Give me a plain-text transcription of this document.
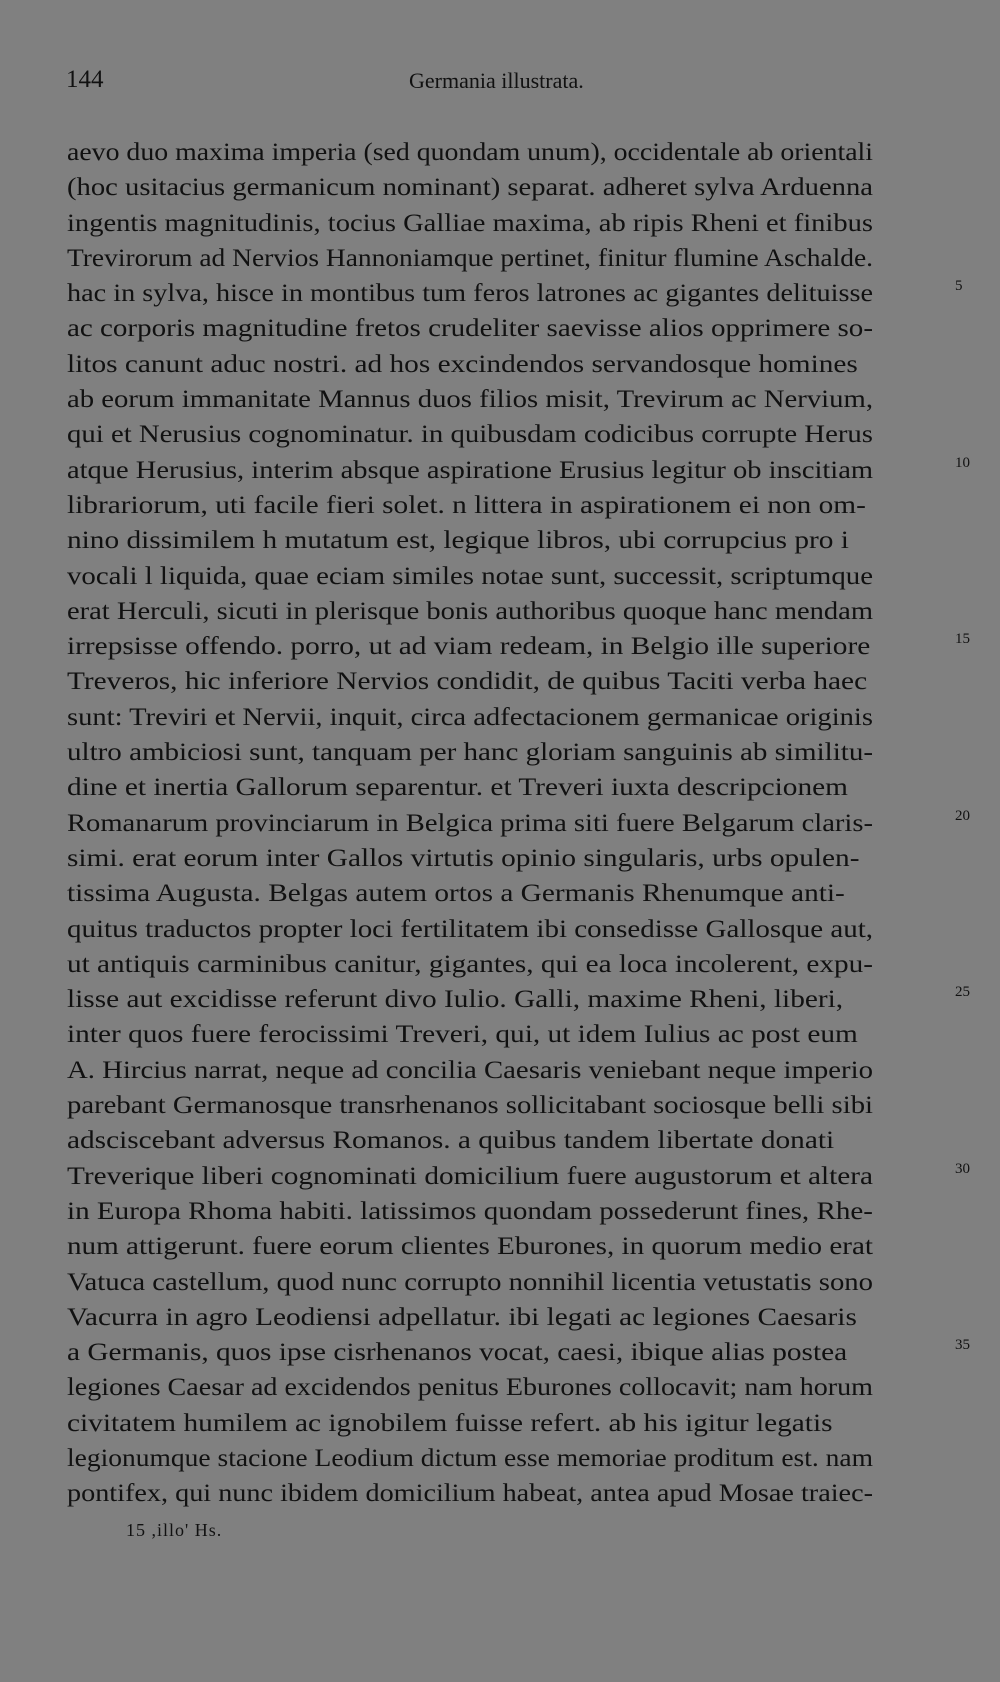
144	Germania illustrata.
aevo duo maxima imperia (sed quondam unum), occidentale ab orientali
(hoc usitacius germanicum nominant) separat. adheret sylva Arduenna
ingentis magnitudinis, tocius Galliae maxima, ab ripis Rheni et finibus
Trevirorum ad Nervios Hannoniamque pertinet, finitur flumine Aschalde.
hac in sylva, hisce in montibus tum feros latrones ac gigantes delituisse	5
ac corporis magnitudine fretos crudeliter saevisse alios opprimere so-
litos canunt aduc nostri. ad hos excindendos servandosque homines
ab eorum immanitate Mannus duos filios misit, Trevirum ac Nervium,
qui et Nerusius cognominatur. in quibusdam codicibus corrupte Herus
atque Herusius, interim absque aspiratione Erusius legitur ob inscitiam	10
librariorum, uti facile fieri solet. n littera in aspirationem ei non om-
nino dissimilem h mutatum est, legique libros, ubi corrupcius pro i
vocali l liquida, quae eciam similes notae sunt, successit, scriptumque
erat Herculi, sicuti in plerisque bonis authoribus quoque hanc mendam
irrepsisse offendo. porro, ut ad viam redeam, in Belgio ille superiore	15
Treveros, hic inferiore Nervios condidit, de quibus Taciti verba haec
sunt: Treviri et Nervii, inquit, circa adfectacionem germanicae originis
ultro ambiciosi sunt, tanquam per hanc gloriam sanguinis ab similitu-
dine et inertia Gallorum separentur. et Treveri iuxta descripcionem
Romanarum provinciarum in Belgica prima siti fuere Belgarum claris-	20
simi. erat eorum inter Gallos virtutis opinio singularis, urbs opulen-
tissima Augusta. Belgas autem ortos a Germanis Rhenumque anti-
quitus traductos propter loci fertilitatem ibi consedisse Gallosque aut,
ut antiquis carminibus canitur, gigantes, qui ea loca incolerent, expu-
lisse aut excidisse referunt divo Iulio. Galli, maxime Rheni, liberi,	25
inter quos fuere ferocissimi Treveri, qui, ut idem Iulius ac post eum
A. Hircius narrat, neque ad concilia Caesaris veniebant neque imperio
parebant Germanosque transrhenanos sollicitabant sociosque belli sibi
adsciscebant adversus Romanos. a quibus tandem libertate donati
Treverique liberi cognominati domicilium fuere augustorum et altera	30
in Europa Rhoma habiti. latissimos quondam possederunt fines, Rhe-
num attigerunt. fuere eorum clientes Eburones, in quorum medio erat
Vatuca castellum, quod nunc corrupto nonnihil licentia vetustatis sono
Vacurra in agro Leodiensi adpellatur. ibi legati ac legiones Caesaris
a Germanis, quos ipse cisrhenanos vocat, caesi, ibique alias postea	35
legiones Caesar ad excidendos penitus Eburones collocavit; nam horum
civitatem humilem ac ignobilem fuisse refert. ab his igitur legatis
legionumque stacione Leodium dictum esse memoriae proditum est. nam
pontifex, qui nunc ibidem domicilium habeat, antea apud Mosae traiec-
15 ,illo' Hs.
